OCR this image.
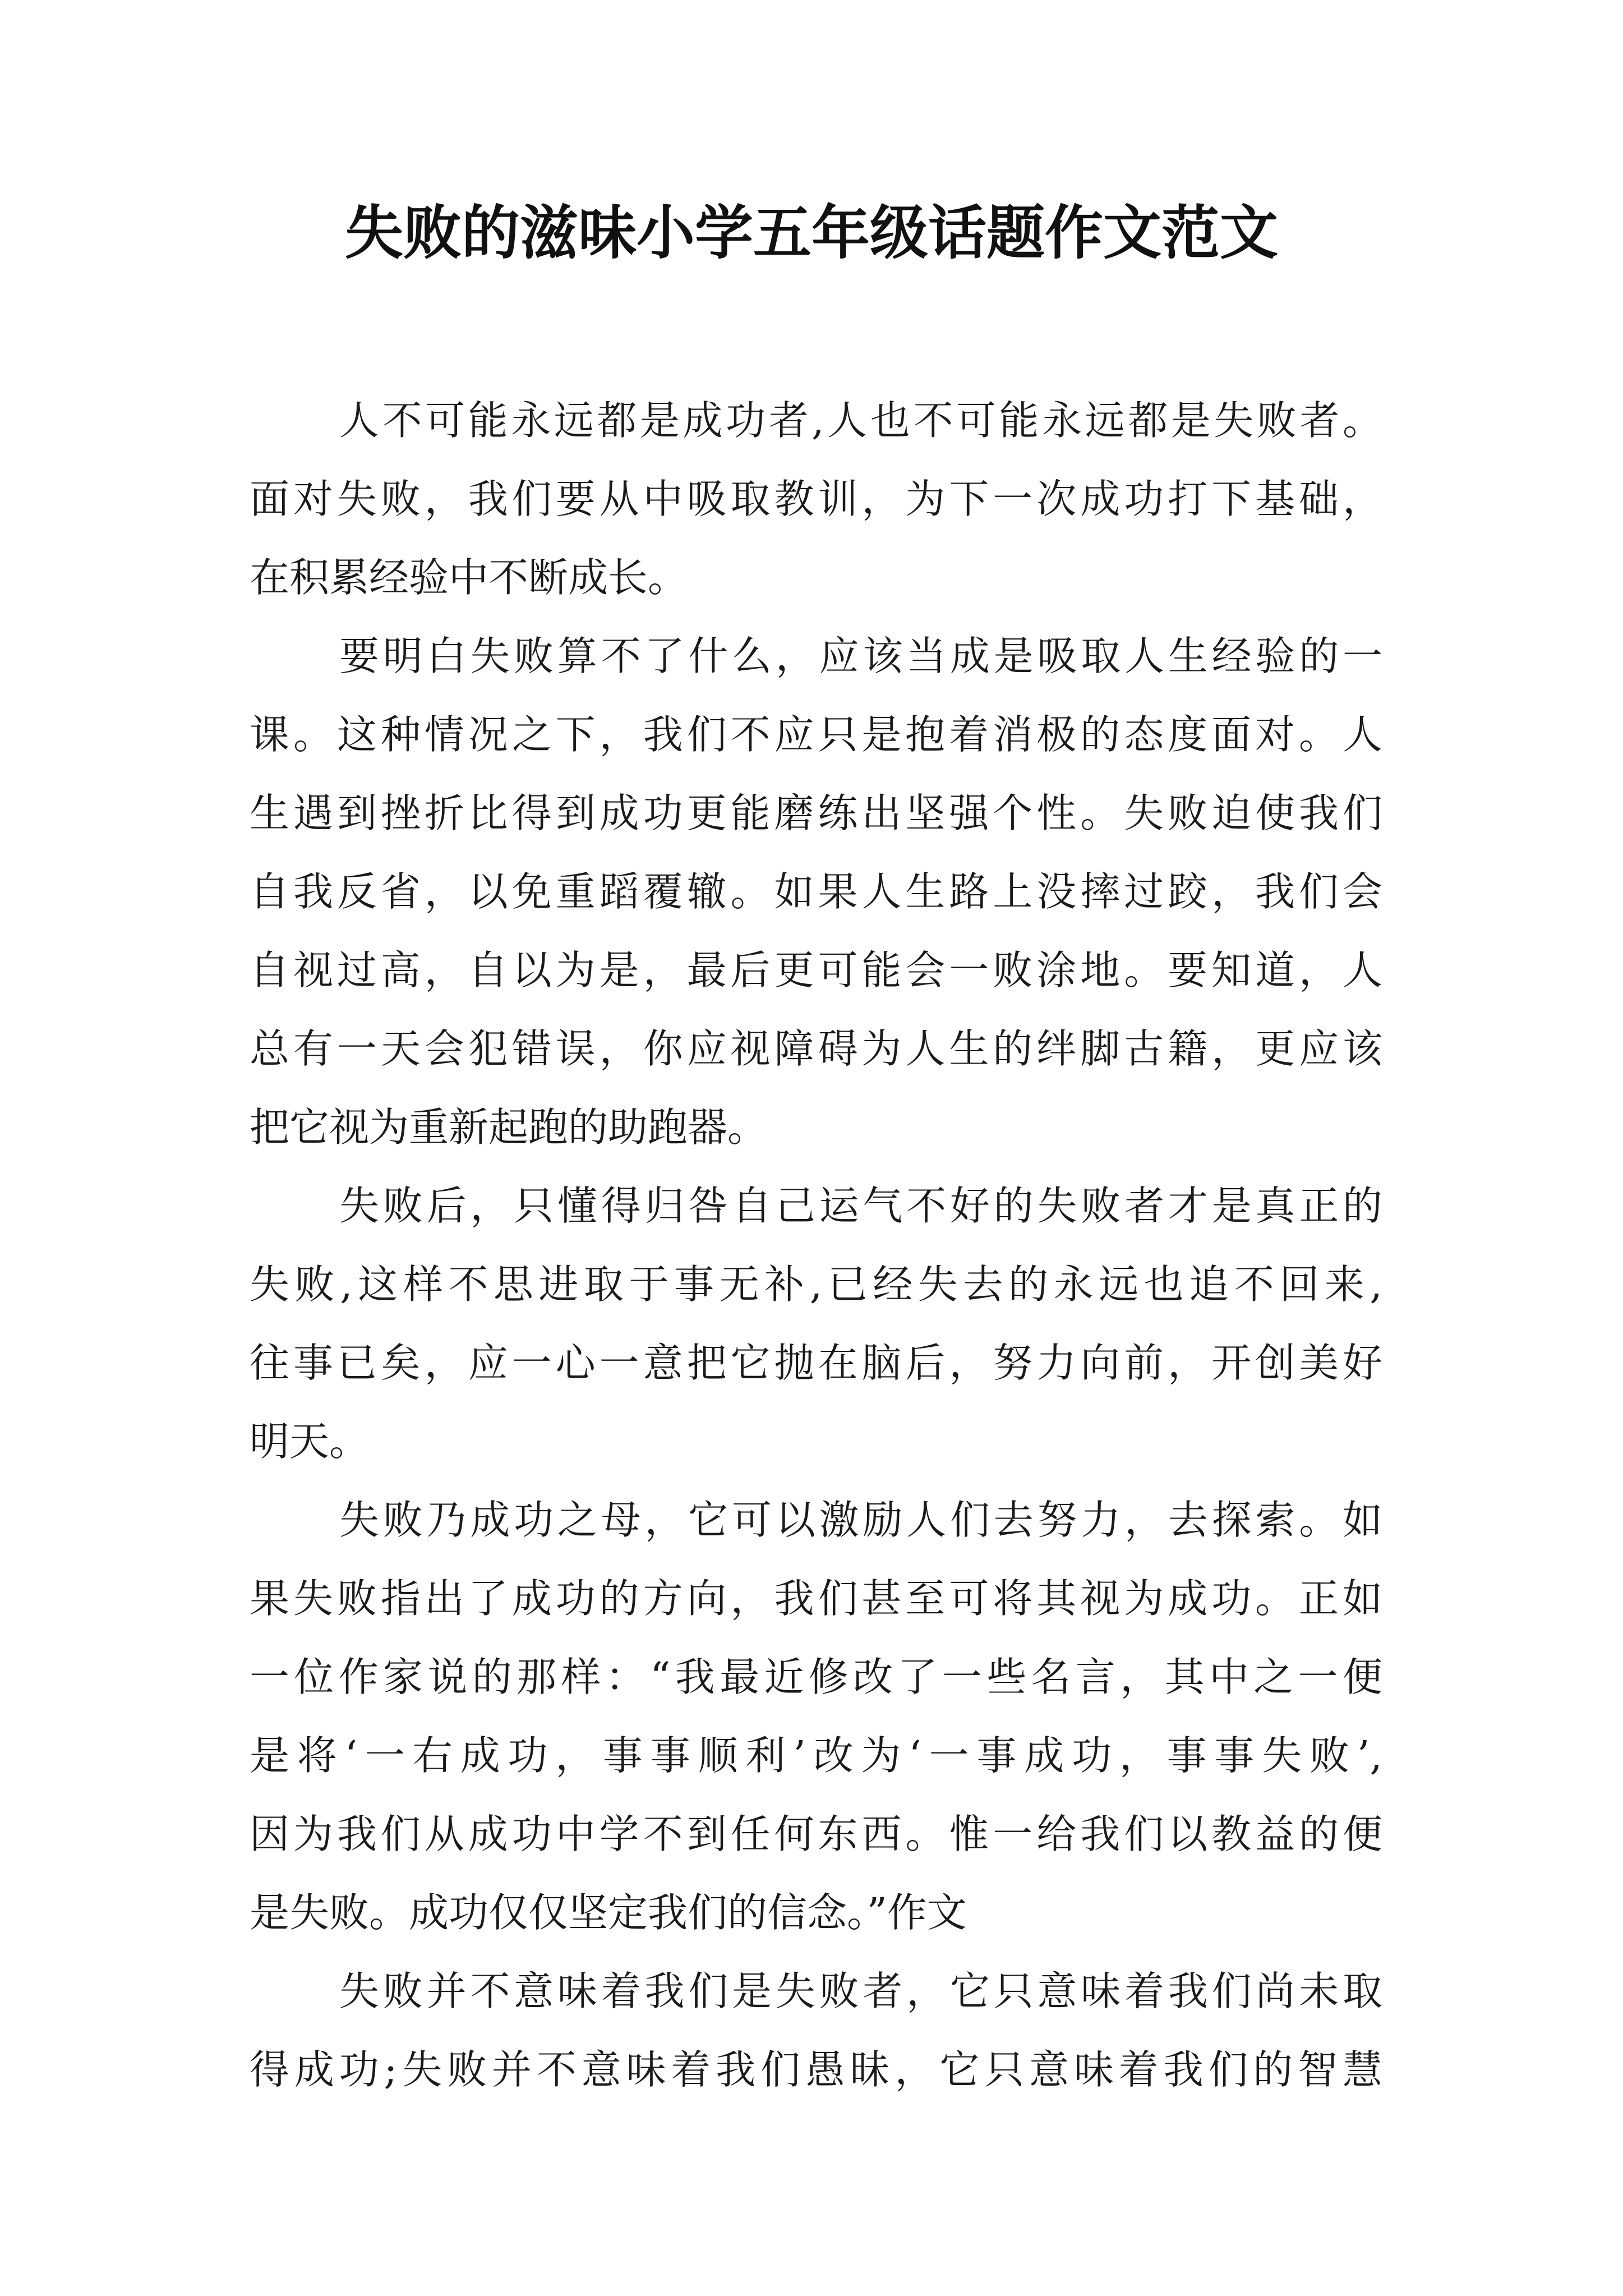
失败的滋味小学五年级话题作文范文
人不可能永远都是成功者,人也不可能永远都是失败者。
面对失败，我们要从中吸取教训，为下一次成功打下基础，
在积累经验中不断成长。
要明白失败算不了什么，应该当成是吸取人生经验的一
课。这种情况之下，我们不应只是抱着消极的态度面对。人
生遇到挫折比得到成功更能磨练出坚强个性。失败迫使我们
自我反省，以免重蹈覆辙。如果人生路上没摔过跤，我们会
自视过高，自以为是，最后更可能会一败涂地。要知道，人
总有一天会犯错误，你应视障碍为人生的绊脚古籍，更应该
把它视为重新起跑的助跑器。
失败后，只懂得归咎自己运气不好的失败者才是真正的
失败,这样不思进取于事无补,已经失去的永远也追不回来,
往事已矣，应一心一意把它抛在脑后，努力向前，开创美好
明天。
失败乃成功之母，它可以激励人们去努力，去探索。如
果失败指出了成功的方向，我们甚至可将其视为成功。正如
一位作家说的那样：“我最近修改了一些名言，其中之一便
是将‘一右成功，事事顺利’改为‘一事成功，事事失败’,
因为我们从成功中学不到任何东西。惟一给我们以教益的便
是失败。成功仅仅坚定我们的信念。”作文
失败并不意味着我们是失败者，它只意味着我们尚未取
得成功;失败并不意味着我们愚昧，它只意味着我们的智慧
